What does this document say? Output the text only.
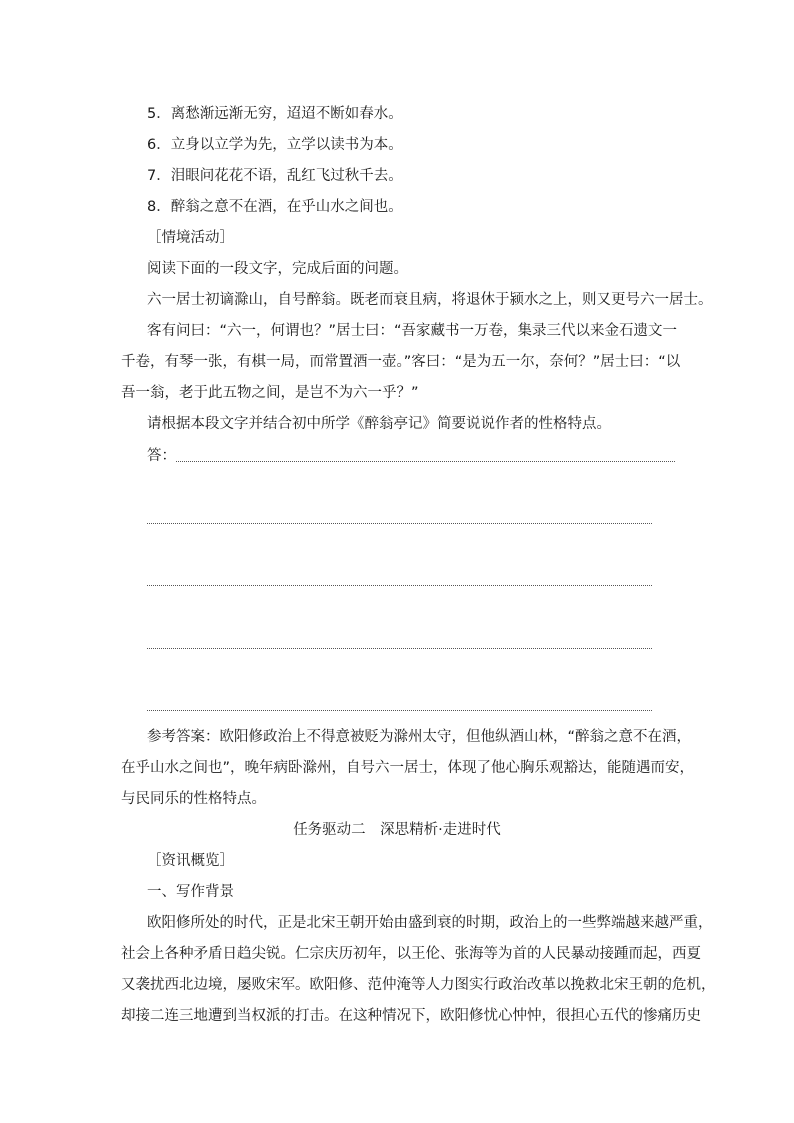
5．离愁渐远渐无穷，迢迢不断如春水。
6．立身以立学为先，立学以读书为本。
7．泪眼问花花不语，乱红飞过秋千去。
8．醉翁之意不在酒，在乎山水之间也。
［情境活动］
阅读下面的一段文字，完成后面的问题。
六一居士初谪滁山，自号醉翁。既老而衰且病，将退休于颍水之上，则又更号六一居士。
客有问曰：“六一，何谓也？”居士曰：“吾家藏书一万卷，集录三代以来金石遗文一
千卷，有琴一张，有棋一局，而常置酒一壶。”客曰：“是为五一尔，奈何？”居士曰：“以
吾一翁，老于此五物之间，是岂不为六一乎？”
请根据本段文字并结合初中所学《醉翁亭记》简要说说作者的性格特点。
答：
参考答案：欧阳修政治上不得意被贬为滁州太守，但他纵酒山林，“醉翁之意不在酒，
在乎山水之间也”，晚年病卧滁州，自号六一居士，体现了他心胸乐观豁达，能随遇而安，
与民同乐的性格特点。
任务驱动二　深思精析·走进时代
［资讯概览］
一、写作背景
欧阳修所处的时代，正是北宋王朝开始由盛到衰的时期，政治上的一些弊端越来越严重，
社会上各种矛盾日趋尖锐。仁宗庆历初年，以王伦、张海等为首的人民暴动接踵而起，西夏
又袭扰西北边境，屡败宋军。欧阳修、范仲淹等人力图实行政治改革以挽救北宋王朝的危机，
却接二连三地遭到当权派的打击。在这种情况下，欧阳修忧心忡忡，很担心五代的惨痛历史
